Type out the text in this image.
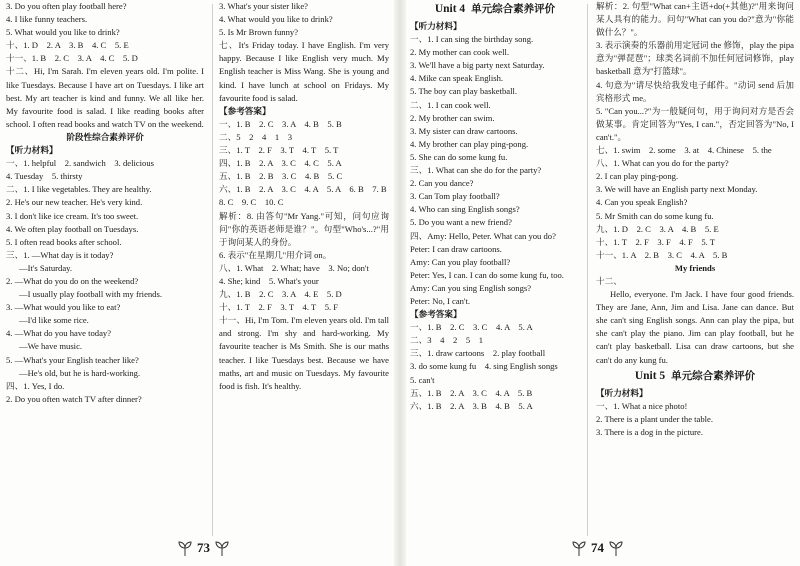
3. Do you often play football here?
4. I like funny teachers.
5. What would you like to drink?
十、1. D　2. A　3. B　4. C　5. E
十一、1. B　2. C　3. A　4. C　5. D
十二、Hi, I'm Sarah. I'm eleven years old. I'm polite. I like Tuesdays. Because I have art on Tuesdays. I like art best. My art teacher is kind and funny. We all like her. My favourite food is salad. I like reading books after school. I often read books and watch TV on the weekend.
阶段性综合素养评价
【听力材料】
一、1. helpful　2. sandwich　3. delicious
4. Tuesday　5. thirsty
二、1. I like vegetables. They are healthy.
2. He's our new teacher. He's very kind.
3. I don't like ice cream. It's too sweet.
4. We often play football on Tuesdays.
5. I often read books after school.
三、1. —What day is it today?
—It's Saturday.
2. —What do you do on the weekend?
—I usually play football with my friends.
3. —What would you like to eat?
—I'd like some rice.
4. —What do you have today?
—We have music.
5. —What's your English teacher like?
—He's old, but he is hard-working.
四、1. Yes, I do.
2. Do you often watch TV after dinner?
3. What's your sister like?
4. What would you like to drink?
5. Is Mr Brown funny?
七、It's Friday today. I have English. I'm very happy. Because I like English very much. My English teacher is Miss Wang. She is young and kind. I have lunch at school on Fridays. My favourite food is salad.
【参考答案】
一、1. B　2. C　3. A　4. B　5. B
二、5　2　4　1　3
三、1. T　2. F　3. T　4. T　5. T
四、1. B　2. A　3. C　4. C　5. A
五、1. B　2. B　3. C　4. B　5. C
六、1. B　2. A　3. C　4. A　5. A　6. B　7. B
8. C　9. C　10. C
解析：8. 由答句"Mr Yang."可知，问句应询问"你的英语老师是谁？"。句型"Who's...?"用于询问某人的身份。
6. 表示"在星期几"用介词 on。
八、1. What　2. What; have　3. No; don't
4. She; kind　5. What's your
九、1. B　2. C　3. A　4. E　5. D
十、1. T　2. F　3. T　4. T　5. F
十一、Hi, I'm Tom. I'm eleven years old. I'm tall and strong. I'm shy and hard-working. My favourite teacher is Ms Smith. She is our maths teacher. I like Tuesdays best. Because we have maths, art and music on Tuesdays. My favourite food is fish. It's healthy.
Unit 4 单元综合素养评价
【听力材料】
一、1. I can sing the birthday song.
2. My mother can cook well.
3. We'll have a big party next Saturday.
4. Mike can speak English.
5. The boy can play basketball.
二、1. I can cook well.
2. My brother can swim.
3. My sister can draw cartoons.
4. My brother can play ping-pong.
5. She can do some kung fu.
三、1. What can she do for the party?
2. Can you dance?
3. Can Tom play football?
4. Who can sing English songs?
5. Do you want a new friend?
四、Amy: Hello, Peter. What can you do?
Peter: I can draw cartoons.
Amy: Can you play football?
Peter: Yes, I can. I can do some kung fu, too.
Amy: Can you sing English songs?
Peter: No, I can't.
【参考答案】
一、1. B　2. C　3. C　4. A　5. A
二、3　4　2　5　1
三、1. draw cartoons　2. play football
3. do some kung fu　4. sing English songs
5. can't
五、1. B　2. A　3. C　4. A　5. B
六、1. B　2. A　3. B　4. B　5. A
解析：2. 句型"What can+主语+do(+其他)?"用来询问某人具有的能力。问句"What can you do?"意为"你能做什么？"。
3. 表示演奏的乐器前用定冠词 the 修饰，play the pipa 意为"弹琵琶"；球类名词前不加任何冠词修饰，play basketball 意为"打篮球"。
4. 句意为"请尽快给我发电子邮件。"动词 send 后加宾格形式 me。
5. "Can you...?"为一般疑问句，用于询问对方是否会做某事。肯定回答为"Yes, I can."，否定回答为"No, I can't."。
七、1. swim　2. some　3. at　4. Chinese　5. the
八、1. What can you do for the party?
2. I can play ping-pong.
3. We will have an English party next Monday.
4. Can you speak English?
5. Mr Smith can do some kung fu.
九、1. D　2. C　3. A　4. B　5. E
十、1. T　2. F　3. F　4. F　5. T
十一、1. A　2. B　3. C　4. A　5. B
My friends
十二、
Hello, everyone. I'm Jack. I have four good friends. They are Jane, Ann, Jim and Lisa. Jane can dance. But she can't sing English songs. Ann can play the pipa, but she can't play the piano. Jim can play football, but he can't play basketball. Lisa can draw cartoons, but she can't do any kung fu.
Unit 5 单元综合素养评价
【听力材料】
一、1. What a nice photo!
2. There is a plant under the table.
3. There is a dog in the picture.
73	74
